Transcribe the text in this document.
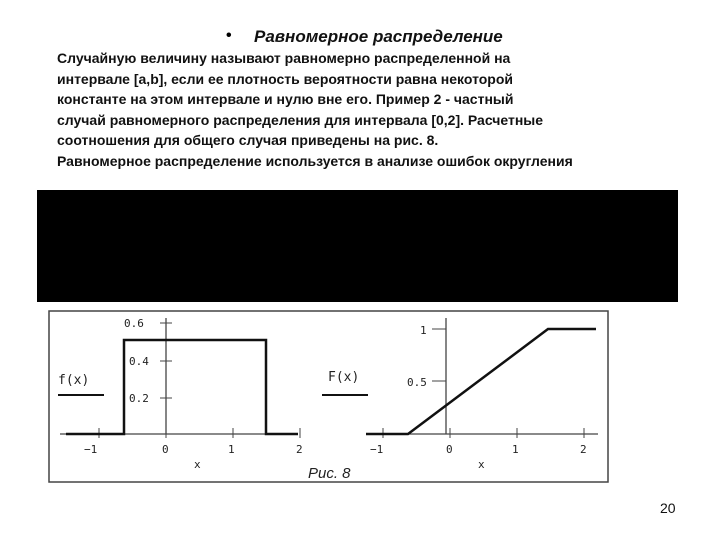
• Равномерное распределение
Случайную величину называют равномерно распределенной на
интервале [a,b], если ее плотность вероятности равна некоторой
константе на этом интервале и нулю вне его. Пример 2 - частный
случай равномерного распределения для интервала [0,2]. Расчетные
соотношения для общего случая приведены на рис. 8.
Равномерное распределение используется в анализе ошибок округления
0.6
0.4
0.2
−1	0	1	2
x
f(x)
1
0.5
−1	0	1	2
x
F(x)
Рис. 8
20
